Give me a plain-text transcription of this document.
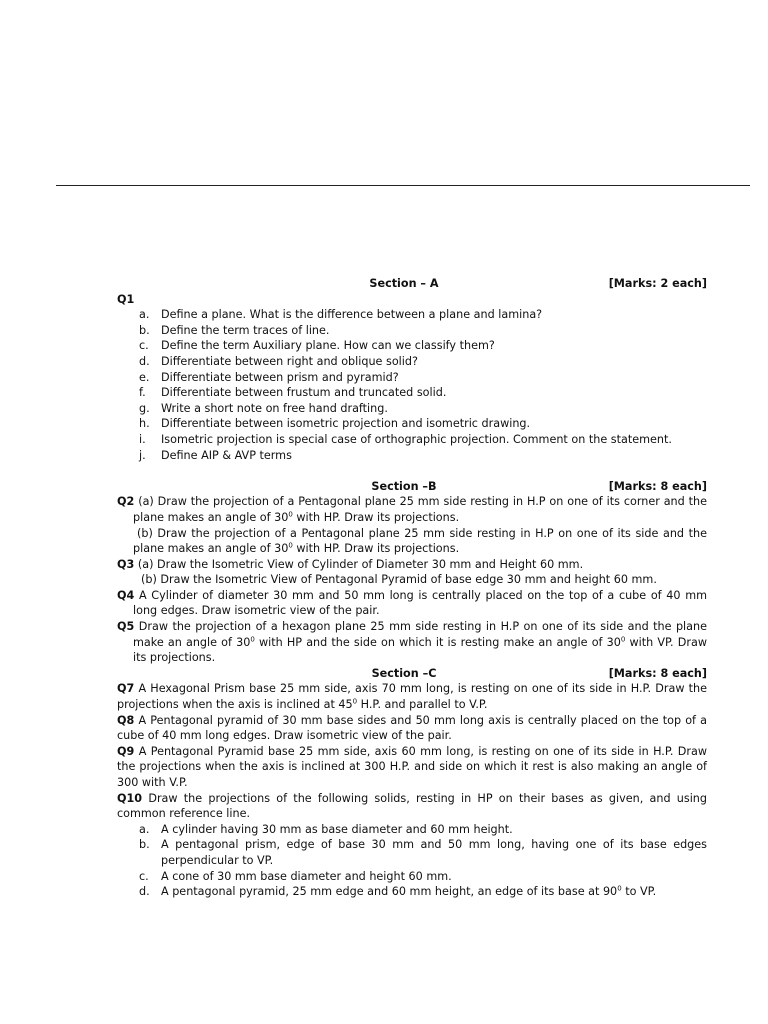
Section – A	[Marks: 2 each]
Q1
a. Define a plane. What is the difference between a plane and lamina?
b. Define the term traces of line.
c. Define the term Auxiliary plane. How can we classify them?
d. Differentiate between right and oblique solid?
e. Differentiate between prism and pyramid?
f. Differentiate between frustum and truncated solid.
g. Write a short note on free hand drafting.
h. Differentiate between isometric projection and isometric drawing.
i. Isometric projection is special case of orthographic projection. Comment on the statement.
j. Define AIP & AVP terms
Section –B	[Marks: 8 each]
Q2 (a) Draw the projection of a Pentagonal plane 25 mm side resting in H.P on one of its corner and the plane makes an angle of $30^0$ with HP. Draw its projections.
(b) Draw the projection of a Pentagonal plane 25 mm side resting in H.P on one of its side and the plane makes an angle of $30^0$ with HP. Draw its projections.
Q3 (a) Draw the Isometric View of Cylinder of Diameter 30 mm and Height 60 mm.
(b) Draw the Isometric View of Pentagonal Pyramid of base edge 30 mm and height 60 mm.
Q4 A Cylinder of diameter 30 mm and 50 mm long is centrally placed on the top of a cube of 40 mm long edges. Draw isometric view of the pair.
Q5 Draw the projection of a hexagon plane 25 mm side resting in H.P on one of its side and the plane make an angle of $30^0$ with HP and the side on which it is resting make an angle of $30^0$ with VP. Draw its projections.
Section –C	[Marks: 8 each]
Q7 A Hexagonal Prism base 25 mm side, axis 70 mm long, is resting on one of its side in H.P. Draw the projections when the axis is inclined at $45^0$ H.P. and parallel to V.P.
Q8 A Pentagonal pyramid of 30 mm base sides and 50 mm long axis is centrally placed on the top of a cube of 40 mm long edges. Draw isometric view of the pair.
Q9 A Pentagonal Pyramid base 25 mm side, axis 60 mm long, is resting on one of its side in H.P. Draw the projections when the axis is inclined at 300 H.P. and side on which it rest is also making an angle of 300 with V.P.
Q10 Draw the projections of the following solids, resting in HP on their bases as given, and using common reference line.
a. A cylinder having 30 mm as base diameter and 60 mm height.
b. A pentagonal prism, edge of base 30 mm and 50 mm long, having one of its base edges perpendicular to VP.
c. A cone of 30 mm base diameter and height 60 mm.
d. A pentagonal pyramid, 25 mm edge and 60 mm height, an edge of its base at $90^0$ to VP.
